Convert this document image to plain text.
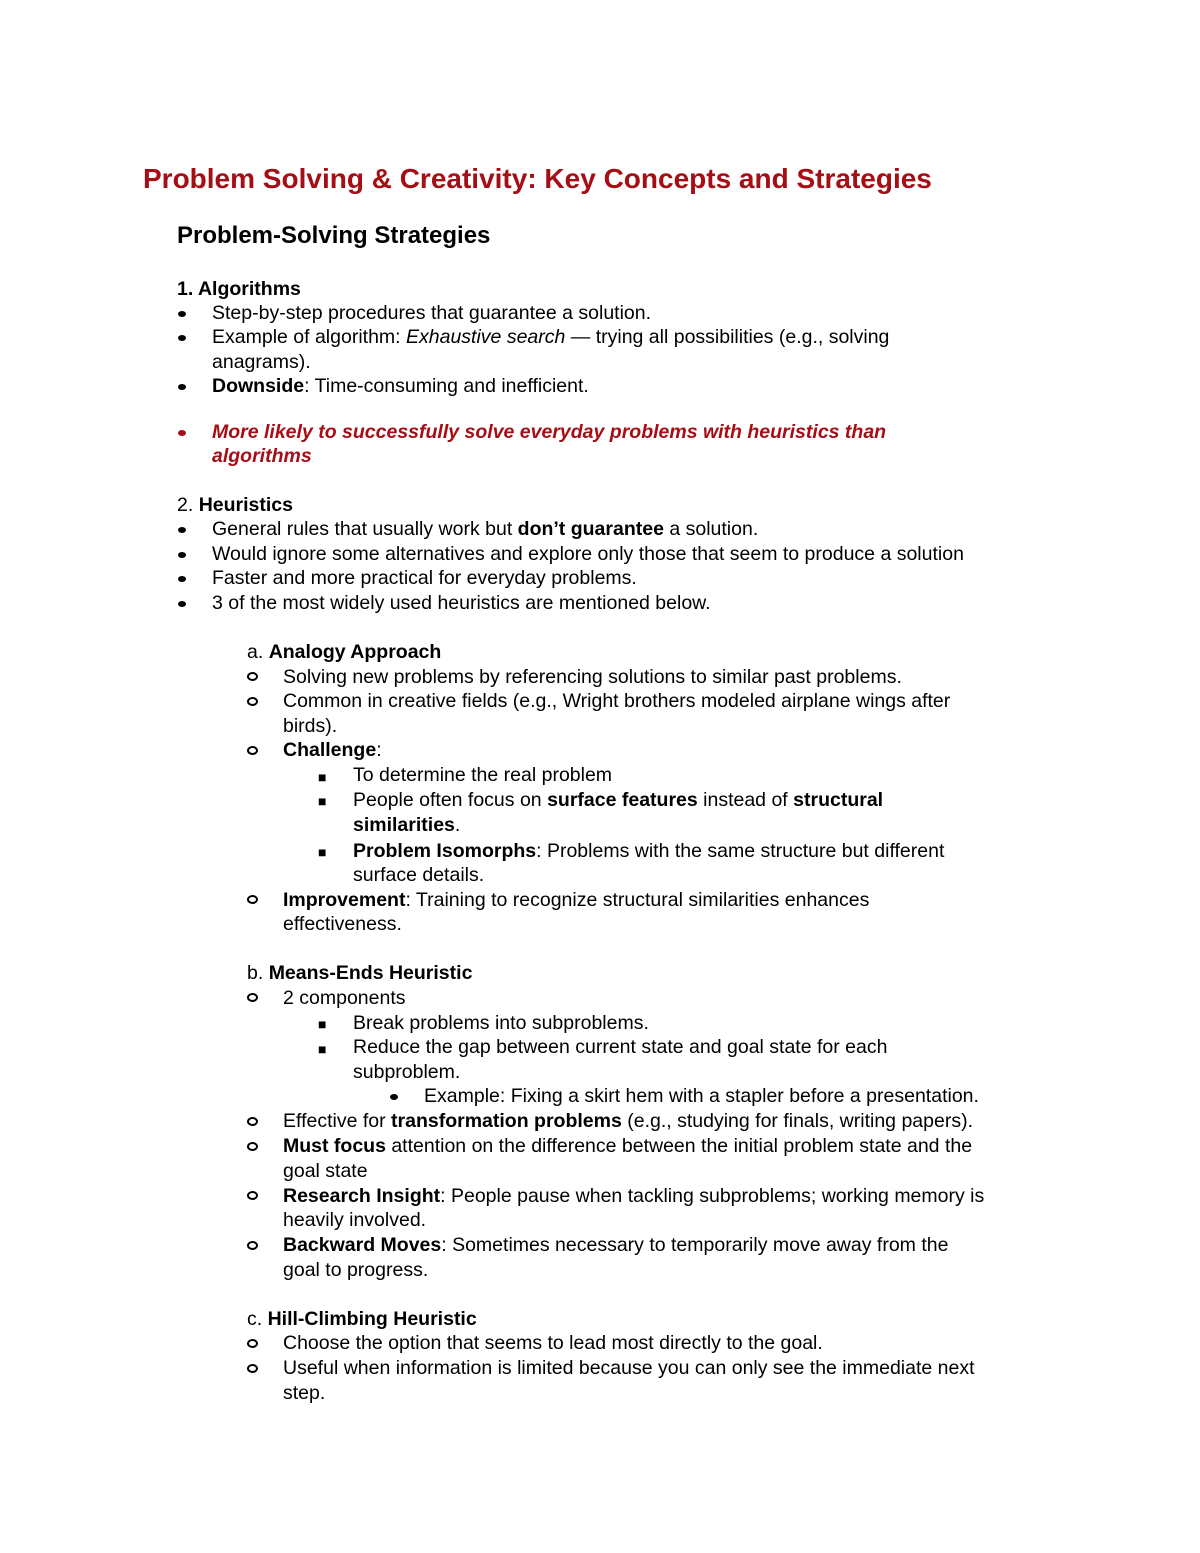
Problem Solving & Creativity: Key Concepts and Strategies
Problem-Solving Strategies
1. Algorithms
Step-by-step procedures that guarantee a solution.
Example of algorithm: Exhaustive search — trying all possibilities (e.g., solving
anagrams).
Downside: Time-consuming and inefficient.
More likely to successfully solve everyday problems with heuristics than
algorithms
2. Heuristics
General rules that usually work but don’t guarantee a solution.
Would ignore some alternatives and explore only those that seem to produce a solution
Faster and more practical for everyday problems.
3 of the most widely used heuristics are mentioned below.
a. Analogy Approach
Solving new problems by referencing solutions to similar past problems.
Common in creative fields (e.g., Wright brothers modeled airplane wings after
birds).
Challenge:
■ To determine the real problem
■ People often focus on surface features instead of structural
similarities.
■ Problem Isomorphs: Problems with the same structure but different
surface details.
Improvement: Training to recognize structural similarities enhances
effectiveness.
b. Means-Ends Heuristic
2 components
■ Break problems into subproblems.
■ Reduce the gap between current state and goal state for each
subproblem.
Example: Fixing a skirt hem with a stapler before a presentation.
Effective for transformation problems (e.g., studying for finals, writing papers).
Must focus attention on the difference between the initial problem state and the
goal state
Research Insight: People pause when tackling subproblems; working memory is
heavily involved.
Backward Moves: Sometimes necessary to temporarily move away from the
goal to progress.
c. Hill-Climbing Heuristic
Choose the option that seems to lead most directly to the goal.
Useful when information is limited because you can only see the immediate next
step.
